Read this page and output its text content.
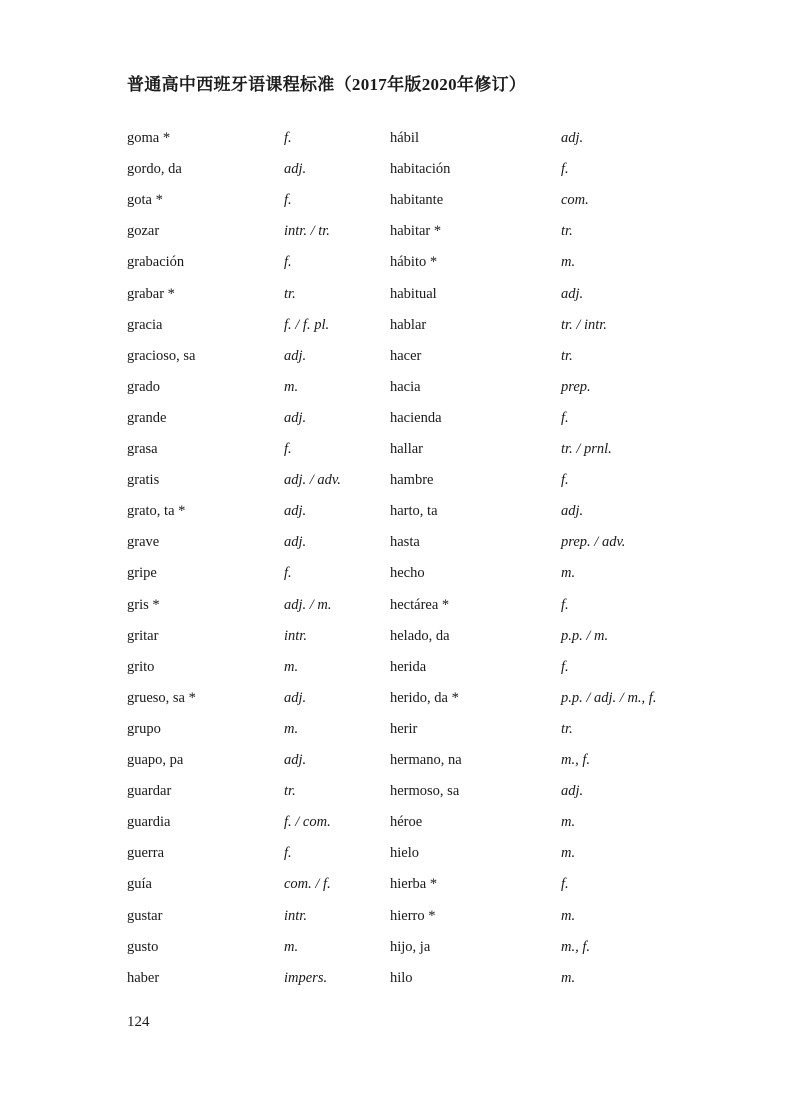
普通高中西班牙语课程标准（2017年版2020年修订）
goma *	f.	hábil	adj.
gordo, da	adj.	habitación	f.
gota *	f.	habitante	com.
gozar	intr. / tr.	habitar *	tr.
grabación	f.	hábito *	m.
grabar *	tr.	habitual	adj.
gracia	f. / f. pl.	hablar	tr. / intr.
gracioso, sa	adj.	hacer	tr.
grado	m.	hacia	prep.
grande	adj.	hacienda	f.
grasa	f.	hallar	tr. / prnl.
gratis	adj. / adv.	hambre	f.
grato, ta *	adj.	harto, ta	adj.
grave	adj.	hasta	prep. / adv.
gripe	f.	hecho	m.
gris *	adj. / m.	hectárea *	f.
gritar	intr.	helado, da	p.p. / m.
grito	m.	herida	f.
grueso, sa *	adj.	herido, da *	p.p. / adj. / m., f.
grupo	m.	herir	tr.
guapo, pa	adj.	hermano, na	m., f.
guardar	tr.	hermoso, sa	adj.
guardia	f. / com.	héroe	m.
guerra	f.	hielo	m.
guía	com. / f.	hierba *	f.
gustar	intr.	hierro *	m.
gusto	m.	hijo, ja	m., f.
haber	impers.	hilo	m.
124
